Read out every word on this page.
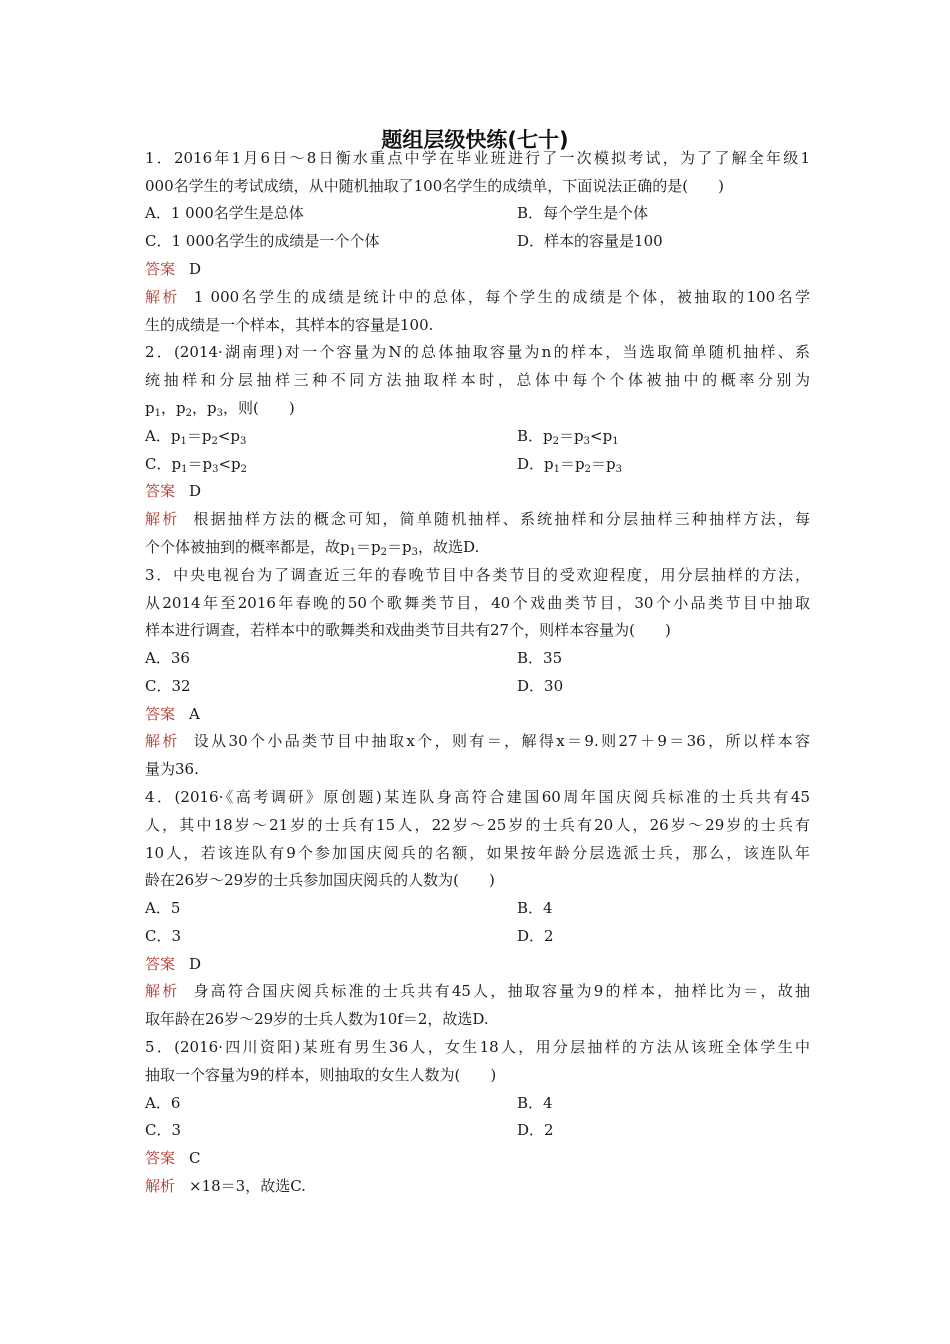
题组层级快练(七十)
1．2016年1月6日～8日衡水重点中学在毕业班进行了一次模拟考试，为了了解全年级1
000名学生的考试成绩，从中随机抽取了100名学生的成绩单，下面说法正确的是(　　)
A．1 000名学生是总体	B．每个学生是个体
C．1 000名学生的成绩是一个个体	D．样本的容量是100
答案 D
解析 1 000名学生的成绩是统计中的总体，每个学生的成绩是个体，被抽取的100名学
生的成绩是一个样本，其样本的容量是100.
2．(2014·湖南理)对一个容量为N的总体抽取容量为n的样本，当选取简单随机抽样、系
统抽样和分层抽样三种不同方法抽取样本时，总体中每个个体被抽中的概率分别为
$p_1$，$p_2$，$p_3$，则(　　)
A．$p_1=p_2<p_3$	B．$p_2=p_3<p_1$
C．$p_1=p_3<p_2$	D．$p_1=p_2=p_3$
答案 D
解析 根据抽样方法的概念可知，简单随机抽样、系统抽样和分层抽样三种抽样方法，每
个个体被抽到的概率都是，故$p_1=p_2=p_3$，故选D.
3．中央电视台为了调查近三年的春晚节目中各类节目的受欢迎程度，用分层抽样的方法，
从2014年至2016年春晚的50个歌舞类节目，40个戏曲类节目，30个小品类节目中抽取
样本进行调查，若样本中的歌舞类和戏曲类节目共有27个，则样本容量为(　　)
A．36	B．35
C．32	D．30
答案 A
解析 设从30个小品类节目中抽取x个，则有＝，解得x＝9.则27＋9＝36，所以样本容
量为36.
4．(2016·《高考调研》原创题)某连队身高符合建国60周年国庆阅兵标准的士兵共有45
人，其中18岁～21岁的士兵有15人，22岁～25岁的士兵有20人，26岁～29岁的士兵有
10人，若该连队有9个参加国庆阅兵的名额，如果按年龄分层选派士兵，那么，该连队年
龄在26岁～29岁的士兵参加国庆阅兵的人数为(　　)
A．5	B．4
C．3	D．2
答案 D
解析 身高符合国庆阅兵标准的士兵共有45人，抽取容量为9的样本，抽样比为＝，故抽
取年龄在26岁～29岁的士兵人数为10f＝2，故选D.
5．(2016·四川资阳)某班有男生36人，女生18人，用分层抽样的方法从该班全体学生中
抽取一个容量为9的样本，则抽取的女生人数为(　　)
A．6	B．4
C．3	D．2
答案 C
解析 ×18＝3，故选C.
